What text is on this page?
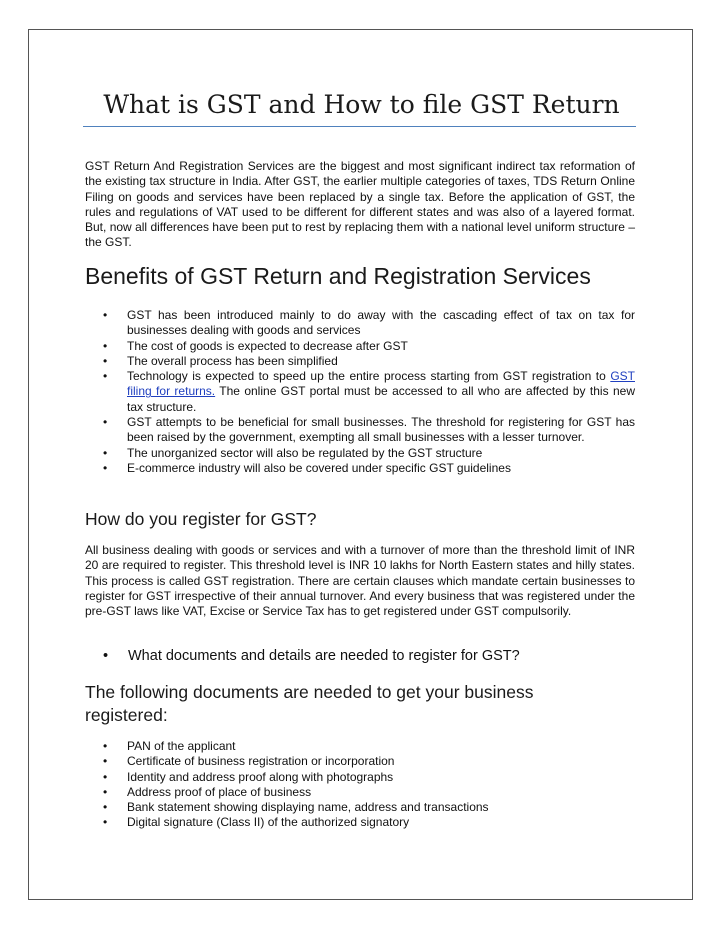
What is GST and How to file GST Return

GST Return And Registration Services are the biggest and most significant indirect tax reformation of the existing tax structure in India. After GST, the earlier multiple categories of taxes, TDS Return Online Filing on goods and services have been replaced by a single tax. Before the application of GST, the rules and regulations of VAT used to be different for different states and was also of a layered format. But, now all differences have been put to rest by replacing them with a national level uniform structure – the GST.

Benefits of GST Return and Registration Services
• GST has been introduced mainly to do away with the cascading effect of tax on tax for businesses dealing with goods and services
• The cost of goods is expected to decrease after GST
• The overall process has been simplified
• Technology is expected to speed up the entire process starting from GST registration to GST filing for returns. The online GST portal must be accessed to all who are affected by this new tax structure.
• GST attempts to be beneficial for small businesses. The threshold for registering for GST has been raised by the government, exempting all small businesses with a lesser turnover.
• The unorganized sector will also be regulated by the GST structure
• E-commerce industry will also be covered under specific GST guidelines
How do you register for GST?

All business dealing with goods or services and with a turnover of more than the threshold limit of INR 20 are required to register. This threshold level is INR 10 lakhs for North Eastern states and hilly states. This process is called GST registration. There are certain clauses which mandate certain businesses to register for GST irrespective of their annual turnover. And every business that was registered under the pre-GST laws like VAT, Excise or Service Tax has to get registered under GST compulsorily.

• What documents and details are needed to register for GST?
The following documents are needed to get your business registered:
• PAN of the applicant
• Certificate of business registration or incorporation
• Identity and address proof along with photographs
• Address proof of place of business
• Bank statement showing displaying name, address and transactions
• Digital signature (Class II) of the authorized signatory
